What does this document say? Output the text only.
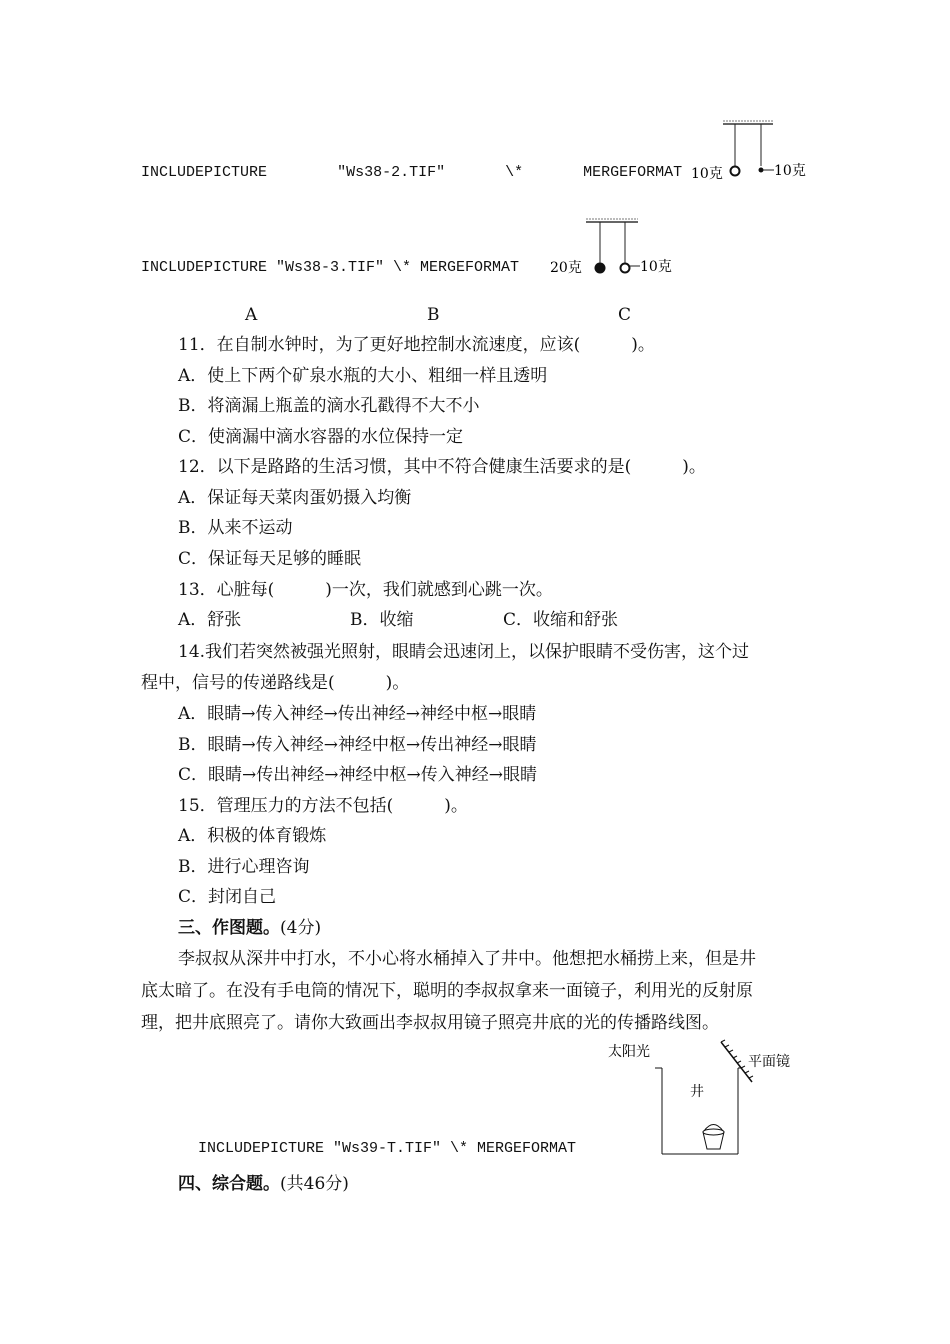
INCLUDEPICTURE	"Ws38-2.TIF"	\*	MERGEFORMAT 10克	10克
INCLUDEPICTURE "Ws38-3.TIF" \* MERGEFORMAT 20克	10克
A	B	C
11．在自制水钟时，为了更好地控制水流速度，应该(　　　)。
A．使上下两个矿泉水瓶的大小、粗细一样且透明
B．将滴漏上瓶盖的滴水孔戳得不大不小
C．使滴漏中滴水容器的水位保持一定
12．以下是路路的生活习惯，其中不符合健康生活要求的是(　　　)。
A．保证每天菜肉蛋奶摄入均衡
B．从来不运动
C．保证每天足够的睡眠
13．心脏每(　　　)一次，我们就感到心跳一次。
A．舒张	B．收缩	C．收缩和舒张
14.我们若突然被强光照射，眼睛会迅速闭上，以保护眼睛不受伤害，这个过
程中，信号的传递路线是(　　　)。
A．眼睛→传入神经→传出神经→神经中枢→眼睛
B．眼睛→传入神经→神经中枢→传出神经→眼睛
C．眼睛→传出神经→神经中枢→传入神经→眼睛
15．管理压力的方法不包括(　　　)。
A．积极的体育锻炼
B．进行心理咨询
C．封闭自己
三、作图题。(4分)
李叔叔从深井中打水，不小心将水桶掉入了井中。他想把水桶捞上来，但是井
底太暗了。在没有手电筒的情况下，聪明的李叔叔拿来一面镜子，利用光的反射原
理，把井底照亮了。请你大致画出李叔叔用镜子照亮井底的光的传播路线图。
太阳光
平面镜
井
INCLUDEPICTURE "Ws39-T.TIF" \* MERGEFORMAT
四、综合题。(共46分)
